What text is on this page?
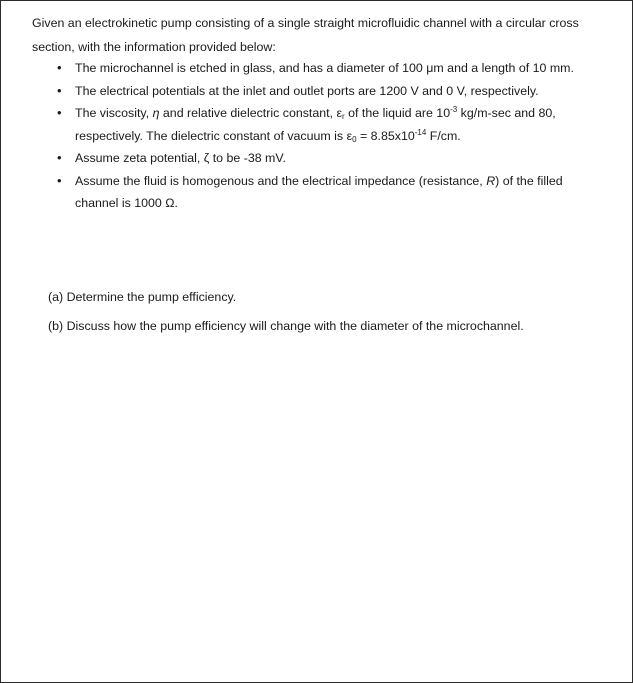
Given an electrokinetic pump consisting of a single straight microfluidic channel with a circular cross section, with the information provided below:

• The microchannel is etched in glass, and has a diameter of 100 μm and a length of 10 mm.
• The electrical potentials at the inlet and outlet ports are 1200 V and 0 V, respectively.
• The viscosity, η and relative dielectric constant, $\varepsilon_r$ of the liquid are $10^{-3}$ kg/m-sec and 80, respectively. The dielectric constant of vacuum is $\varepsilon_0 = 8.85x10^{-14}$ F/cm.
• Assume zeta potential, ζ to be -38 mV.
• Assume the fluid is homogenous and the electrical impedance (resistance, R) of the filled channel is 1000 Ω.

(a) Determine the pump efficiency.

(b) Discuss how the pump efficiency will change with the diameter of the microchannel.
